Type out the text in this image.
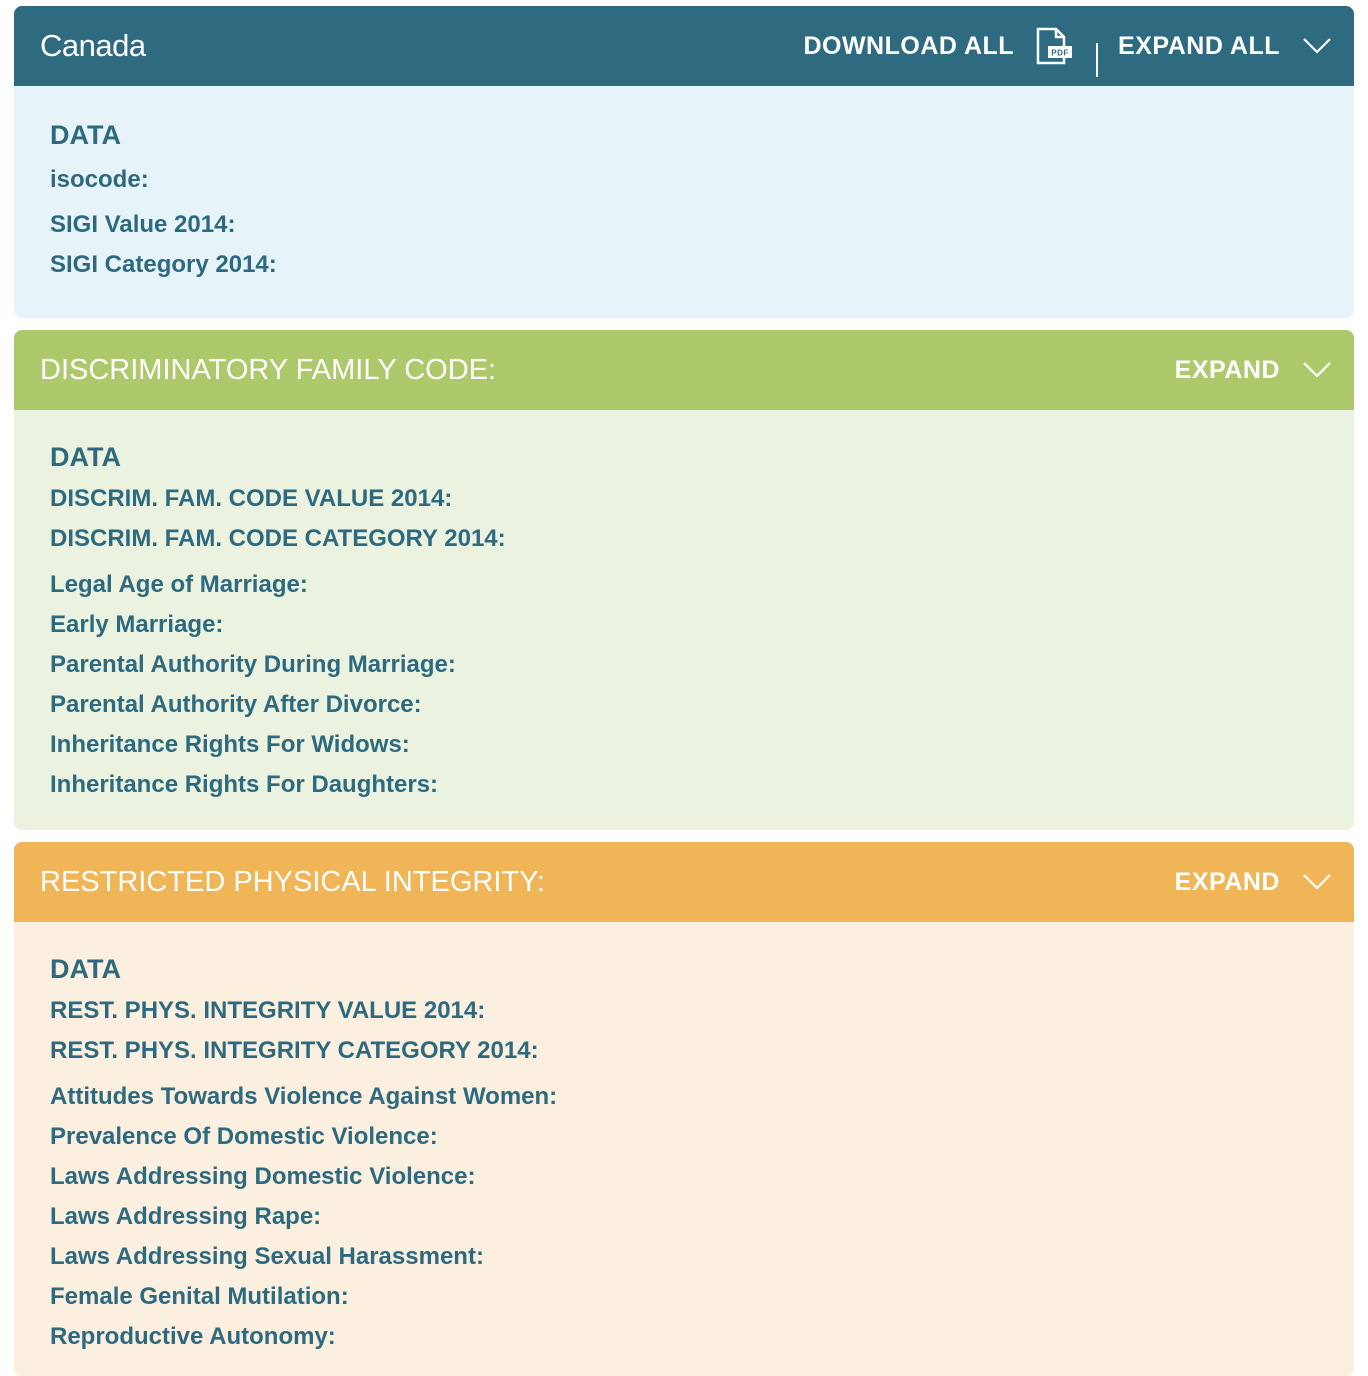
Canada	DOWNLOAD ALL	PDF EXPAND ALL
DATA
isocode:
SIGI Value 2014:
SIGI Category 2014:
DISCRIMINATORY FAMILY CODE:	EXPAND
DATA
DISCRIM. FAM. CODE VALUE 2014:
DISCRIM. FAM. CODE CATEGORY 2014:
Legal Age of Marriage:
Early Marriage:
Parental Authority During Marriage:
Parental Authority After Divorce:
Inheritance Rights For Widows:
Inheritance Rights For Daughters:
RESTRICTED PHYSICAL INTEGRITY:	EXPAND
DATA
REST. PHYS. INTEGRITY VALUE 2014:
REST. PHYS. INTEGRITY CATEGORY 2014:
Attitudes Towards Violence Against Women:
Prevalence Of Domestic Violence:
Laws Addressing Domestic Violence:
Laws Addressing Rape:
Laws Addressing Sexual Harassment:
Female Genital Mutilation:
Reproductive Autonomy:
